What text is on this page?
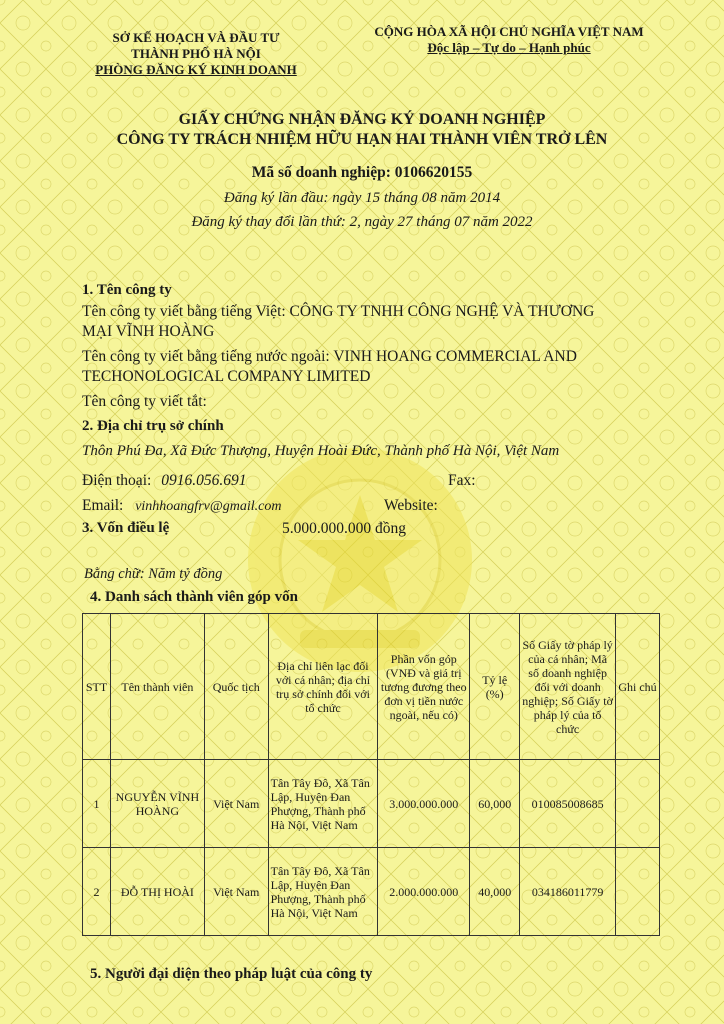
SỞ KẾ HOẠCH VÀ ĐẦU TƯ
THÀNH PHỐ HÀ NỘI
PHÒNG ĐĂNG KÝ KINH DOANH
CỘNG HÒA XÃ HỘI CHỦ NGHĨA VIỆT NAM
Độc lập – Tự do – Hạnh phúc
GIẤY CHỨNG NHẬN ĐĂNG KÝ DOANH NGHIỆP
CÔNG TY TRÁCH NHIỆM HỮU HẠN HAI THÀNH VIÊN TRỞ LÊN
Mã số doanh nghiệp: 0106620155
Đăng ký lần đầu: ngày 15 tháng 08 năm 2014
Đăng ký thay đổi lần thứ: 2, ngày 27 tháng 07 năm 2022
1. Tên công ty
Tên công ty viết bằng tiếng Việt: CÔNG TY TNHH CÔNG NGHỆ VÀ THƯƠNG
MẠI VĨNH HOÀNG
Tên công ty viết bằng tiếng nước ngoài: VINH HOANG COMMERCIAL AND
TECHONOLOGICAL COMPANY LIMITED
Tên công ty viết tắt:
2. Địa chỉ trụ sở chính
Thôn Phú Đa, Xã Đức Thượng, Huyện Hoài Đức, Thành phố Hà Nội, Việt Nam
Điện thoại: 0916.056.691	Fax:
Email: vinhhoangfrv@gmail.com	Website:
3. Vốn điều lệ	5.000.000.000 đồng
Bằng chữ: Năm tỷ đồng
4. Danh sách thành viên góp vốn
STT	Tên thành viên	Quốc tịch	Địa chỉ liên lạc đối với cá nhân; địa chỉ trụ sở chính đối với tổ chức	Phần vốn góp (VNĐ và giá trị tương đương theo đơn vị tiền nước ngoài, nếu có)	Tỷ lệ (%)	Số Giấy tờ pháp lý của cá nhân; Mã số doanh nghiệp đối với doanh nghiệp; Số Giấy tờ pháp lý của tổ chức	Ghi chú
1	NGUYỄN VĨNH HOÀNG	Việt Nam	Tân Tây Đô, Xã Tân Lập, Huyện Đan Phượng, Thành phố Hà Nội, Việt Nam	3.000.000.000	60,000	010085008685	
2	ĐỖ THỊ HOÀI	Việt Nam	Tân Tây Đô, Xã Tân Lập, Huyện Đan Phượng, Thành phố Hà Nội, Việt Nam	2.000.000.000	40,000	034186011779	
5. Người đại diện theo pháp luật của công ty
